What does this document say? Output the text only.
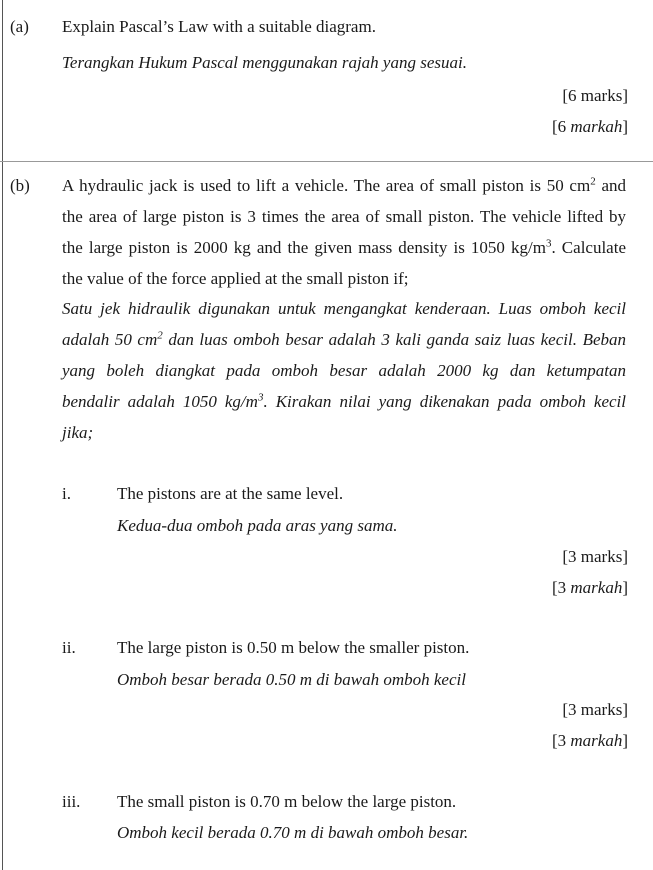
(a) Explain Pascal’s Law with a suitable diagram.
Terangkan Hukum Pascal menggunakan rajah yang sesuai.
[6 marks]
[6 markah]
(b) A hydraulic jack is used to lift a vehicle. The area of small piston is 50 $cm^2$ and
the area of large piston is 3 times the area of small piston. The vehicle lifted by
the large piston is 2000 kg and the given mass density is 1050 $kg/m^3$. Calculate
the value of the force applied at the small piston if;
Satu jek hidraulik digunakan untuk mengangkat kenderaan. Luas omboh kecil
adalah 50 $cm^2$ dan luas omboh besar adalah 3 kali ganda saiz luas kecil. Beban
yang boleh diangkat pada omboh besar adalah 2000 kg dan ketumpatan
bendalir adalah 1050 $kg/m^3$. Kirakan nilai yang dikenakan pada omboh kecil
jika;
i.	The pistons are at the same level.
Kedua-dua omboh pada aras yang sama.
[3 marks]
[3 markah]
ii. The large piston is 0.50 m below the smaller piston.
Omboh besar berada 0.50 m di bawah omboh kecil
[3 marks]
[3 markah]
iii. The small piston is 0.70 m below the large piston.
Omboh kecil berada 0.70 m di bawah omboh besar.
